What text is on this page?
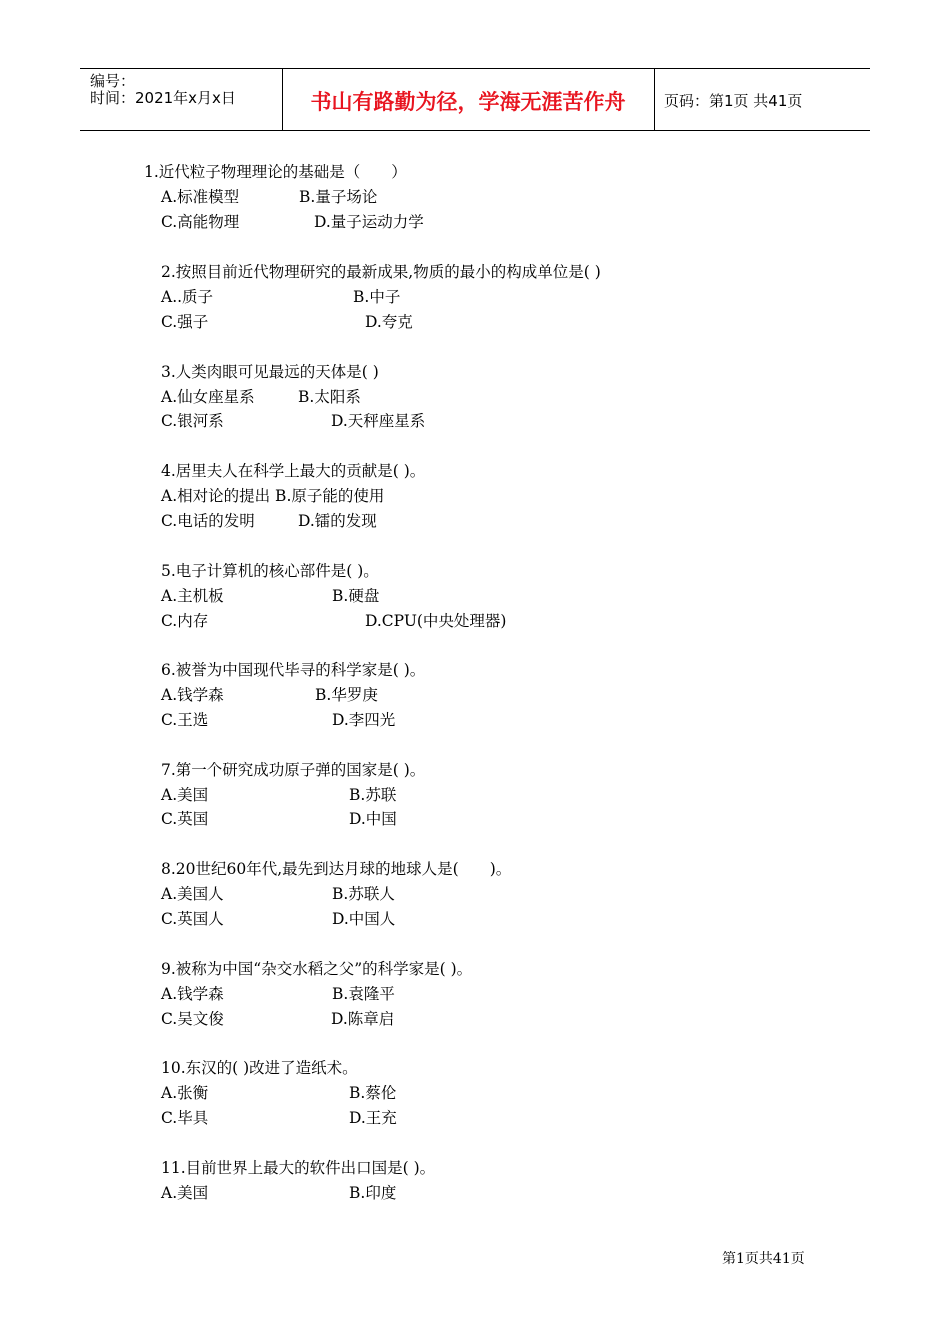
编号：
时间：2021年x月x日	书山有路勤为径，学海无涯苦作舟	页码：第1页 共41页
1.近代粒子物理理论的基础是（　　）
A.标准模型	B.量子场论
C.高能物理	D.量子运动力学
2.按照目前近代物理研究的最新成果,物质的最小的构成单位是( )
A..质子	B.中子
C.强子	D.夸克
3.人类肉眼可见最远的天体是( )
A.仙女座星系	B.太阳系
C.银河系	D.天秤座星系
4.居里夫人在科学上最大的贡献是( )。
A.相对论的提出 B.原子能的使用
C.电话的发明	D.镭的发现
5.电子计算机的核心部件是( )。
A.主机板	B.硬盘
C.内存	D.CPU(中央处理器)
6.被誉为中国现代毕寻的科学家是( )。
A.钱学森	B.华罗庚
C.王选	D.李四光
7.第一个研究成功原子弹的国家是( )。
A.美国	B.苏联
C.英国	D.中国
8.20世纪60年代,最先到达月球的地球人是(　　)。
A.美国人	B.苏联人
C.英国人	D.中国人
9.被称为中国“杂交水稻之父”的科学家是( )。
A.钱学森	B.袁隆平
C.吴文俊	D.陈章启
10.东汉的( )改进了造纸术。
A.张衡	B.蔡伦
C.毕具	D.王充
11.目前世界上最大的软件出口国是( )。
A.美国	B.印度
第1页共41页
